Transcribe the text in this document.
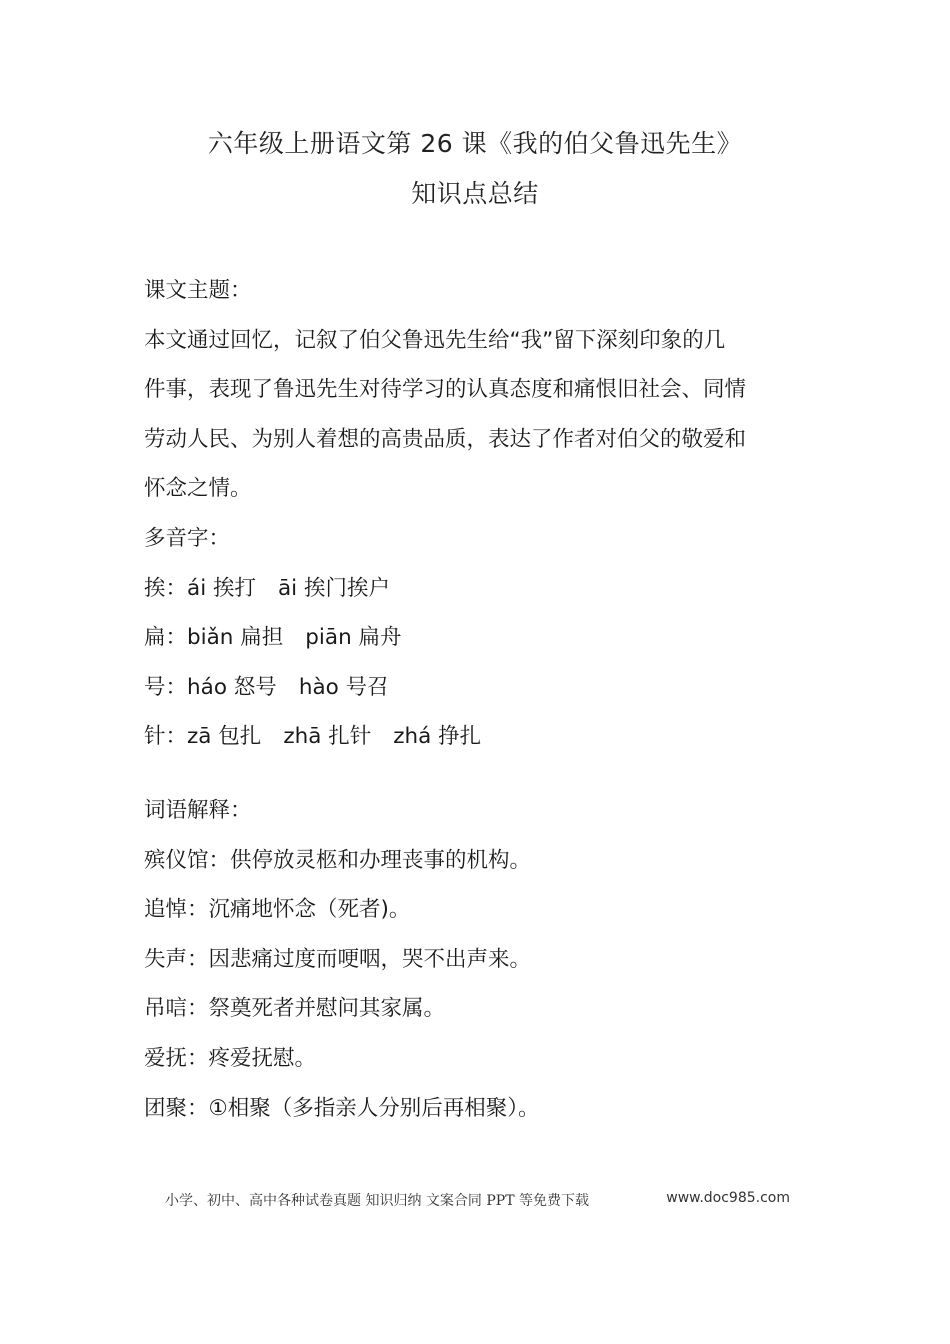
六年级上册语文第 26 课《我的伯父鲁迅先生》
知识点总结
课文主题：
本文通过回忆，记叙了伯父鲁迅先生给“我”留下深刻印象的几
件事，表现了鲁迅先生对待学习的认真态度和痛恨旧社会、同情
劳动人民、为别人着想的高贵品质，表达了作者对伯父的敬爱和
怀念之情。
多音字：
挨：ái 挨打 āi 挨门挨户
扁：biǎn 扁担 piān 扁舟
号：háo 怒号 hào 号召
针：zā 包扎 zhā 扎针 zhá 挣扎
词语解释：
殡仪馆：供停放灵柩和办理丧事的机构。
追悼：沉痛地怀念（死者)。
失声：因悲痛过度而哽咽，哭不出声来。
吊唁：祭奠死者并慰问其家属。
爱抚：疼爱抚慰。
团聚：①相聚（多指亲人分别后再相聚）。
小学、初中、高中各种试卷真题 知识归纳 文案合同 PPT 等免费下载	www.doc985.com
